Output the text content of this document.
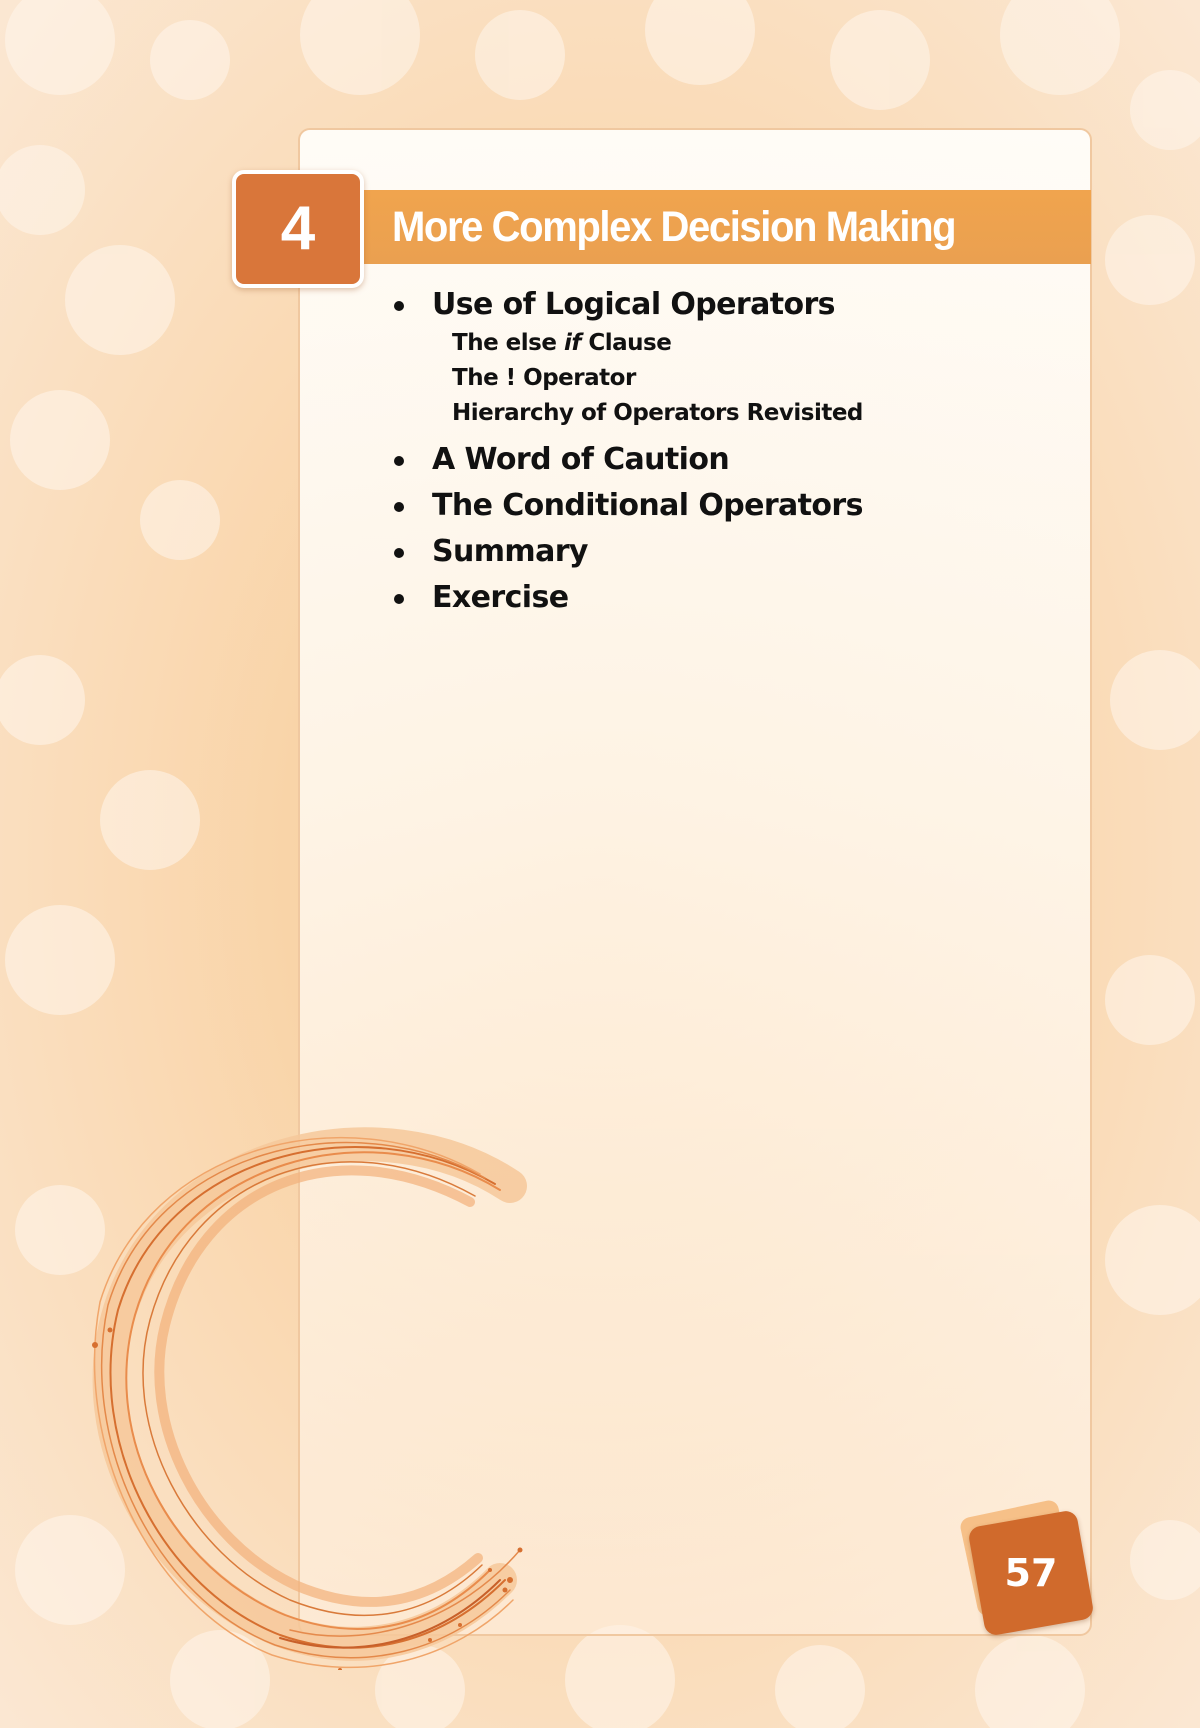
More Complex Decision Making
4
Use of Logical Operators
The else if Clause
The ! Operator
Hierarchy of Operators Revisited
A Word of Caution
The Conditional Operators
Summary
Exercise
57
